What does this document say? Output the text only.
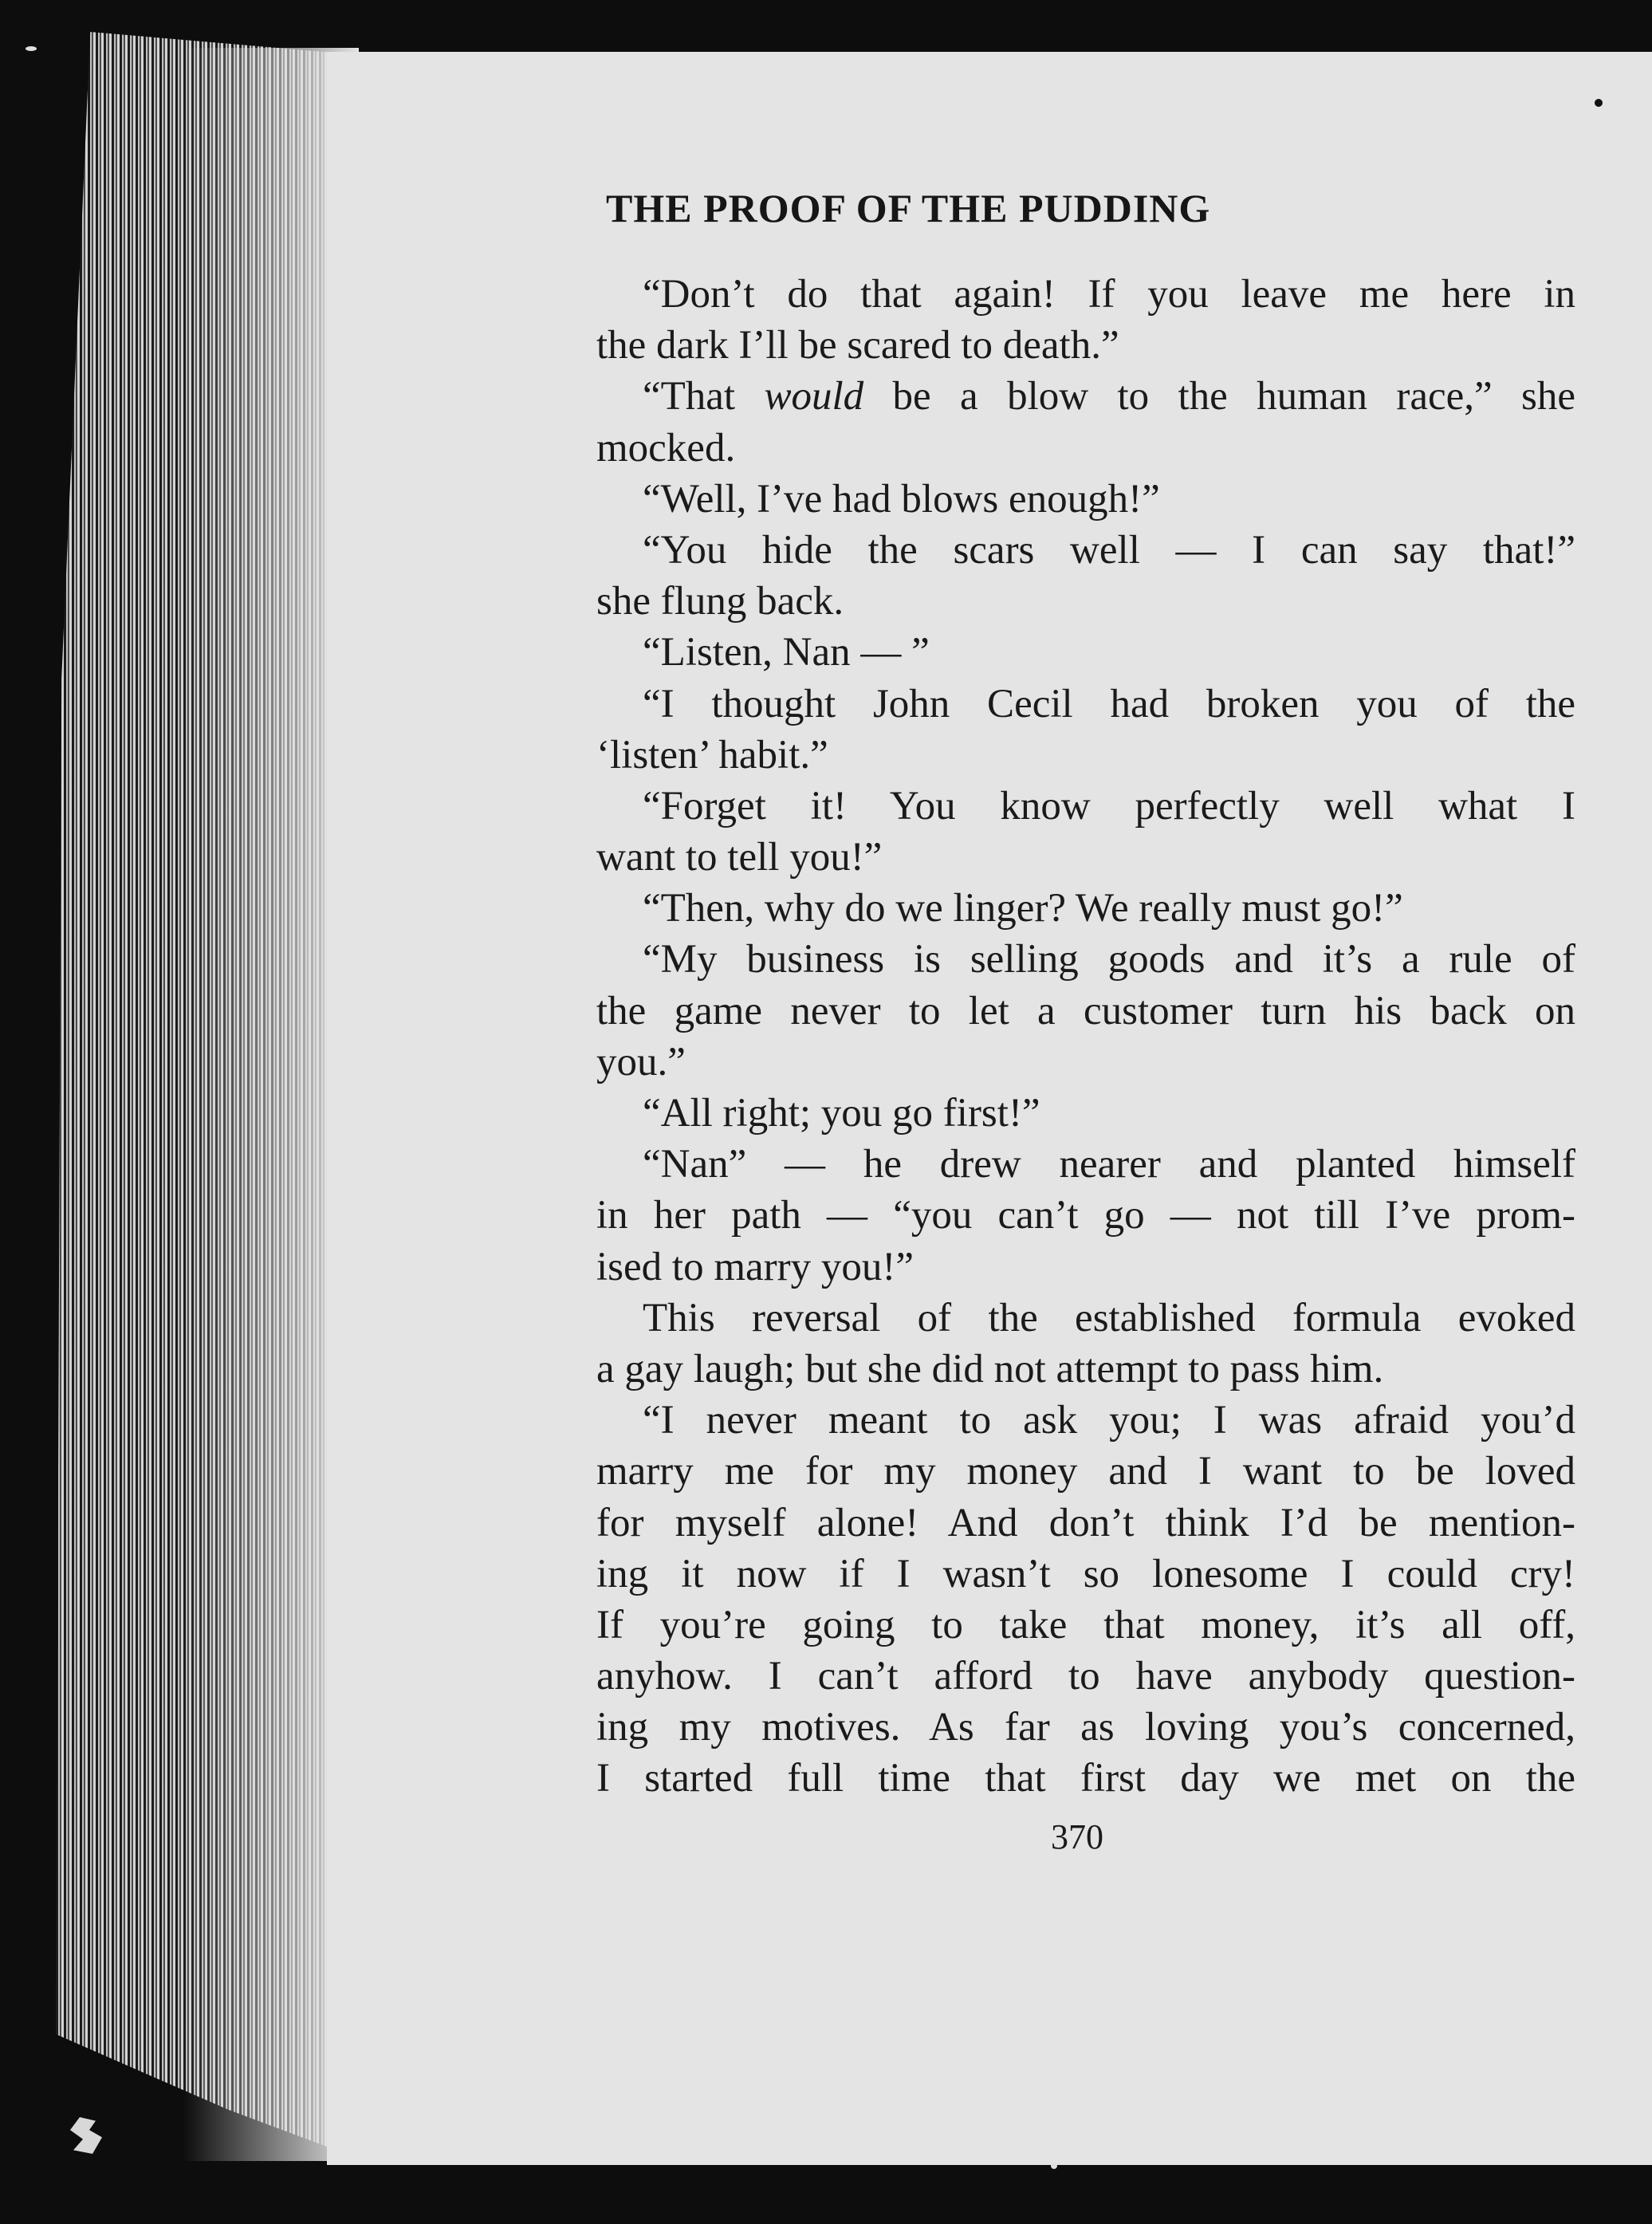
THE PROOF OF THE PUDDING
“Don’t do that again! If you leave me here in
the dark I’ll be scared to death.”
“That would be a blow to the human race,” she
mocked.
“Well, I’ve had blows enough!”
“You hide the scars well — I can say that!”
she flung back.
“Listen, Nan — ”
“I thought John Cecil had broken you of the
‘listen’ habit.”
“Forget it! You know perfectly well what I
want to tell you!”
“Then, why do we linger? We really must go!”
“My business is selling goods and it’s a rule of
the game never to let a customer turn his back on
you.”
“All right; you go first!”
“Nan” — he drew nearer and planted himself
in her path — “you can’t go — not till I’ve prom-
ised to marry you!”
This reversal of the established formula evoked
a gay laugh; but she did not attempt to pass him.
“I never meant to ask you; I was afraid you’d
marry me for my money and I want to be loved
for myself alone! And don’t think I’d be mention-
ing it now if I wasn’t so lonesome I could cry!
If you’re going to take that money, it’s all off,
anyhow. I can’t afford to have anybody question-
ing my motives. As far as loving you’s concerned,
I started full time that first day we met on the
370
